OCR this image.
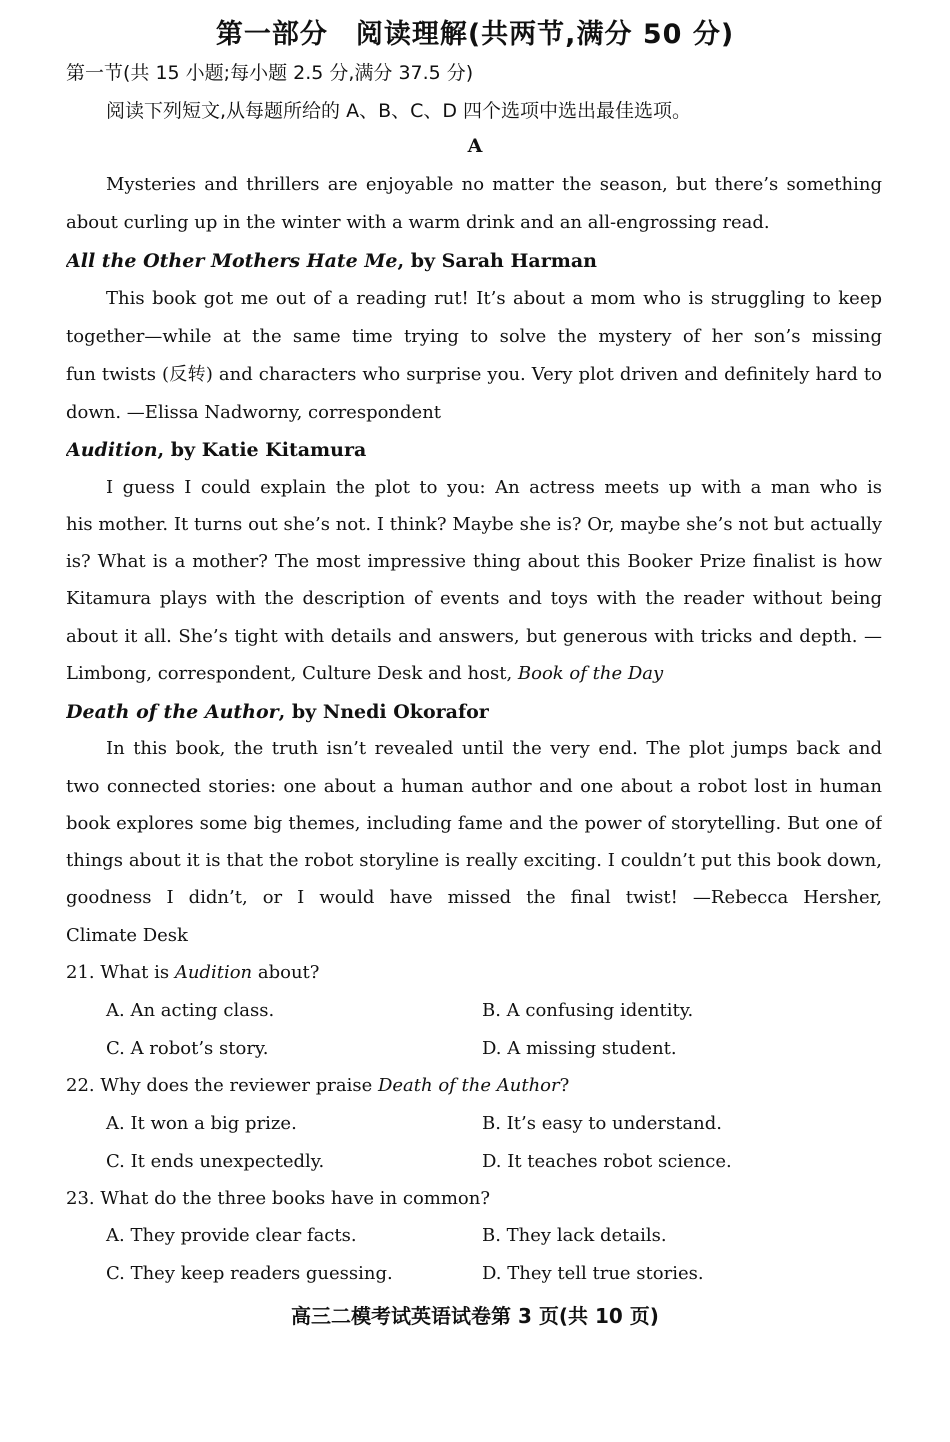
第一部分　阅读理解(共两节,满分 50 分)
第一节(共 15 小题;每小题 2.5 分,满分 37.5 分)
阅读下列短文,从每题所给的 A、B、C、D 四个选项中选出最佳选项。
A
Mysteries and thrillers are enjoyable no matter the season, but there’s something
about curling up in the winter with a warm drink and an all-engrossing read.
All the Other Mothers Hate Me, by Sarah Harman
This book got me out of a reading rut! It’s about a mom who is struggling to keep
together—while at the same time trying to solve the mystery of her son’s missing
fun twists (反转) and characters who surprise you. Very plot driven and definitely hard to
down. —Elissa Nadworny, correspondent
Audition, by Katie Kitamura
I guess I could explain the plot to you: An actress meets up with a man who is
his mother. It turns out she’s not. I think? Maybe she is? Or, maybe she’s not but actually
is? What is a mother? The most impressive thing about this Booker Prize finalist is how
Kitamura plays with the description of events and toys with the reader without being
about it all. She’s tight with details and answers, but generous with tricks and depth. —
Limbong, correspondent, Culture Desk and host, Book of the Day
Death of the Author, by Nnedi Okorafor
In this book, the truth isn’t revealed until the very end. The plot jumps back and
two connected stories: one about a human author and one about a robot lost in human
book explores some big themes, including fame and the power of storytelling. But one of
things about it is that the robot storyline is really exciting. I couldn’t put this book down,
goodness I didn’t, or I would have missed the final twist! —Rebecca Hersher,
Climate Desk
21. What is Audition about?
A. An acting class.	B. A confusing identity.
C. A robot’s story.	D. A missing student.
22. Why does the reviewer praise Death of the Author?
A. It won a big prize.	B. It’s easy to understand.
C. It ends unexpectedly.	D. It teaches robot science.
23. What do the three books have in common?
A. They provide clear facts.	B. They lack details.
C. They keep readers guessing.	D. They tell true stories.
高三二模考试英语试卷第 3 页(共 10 页)
